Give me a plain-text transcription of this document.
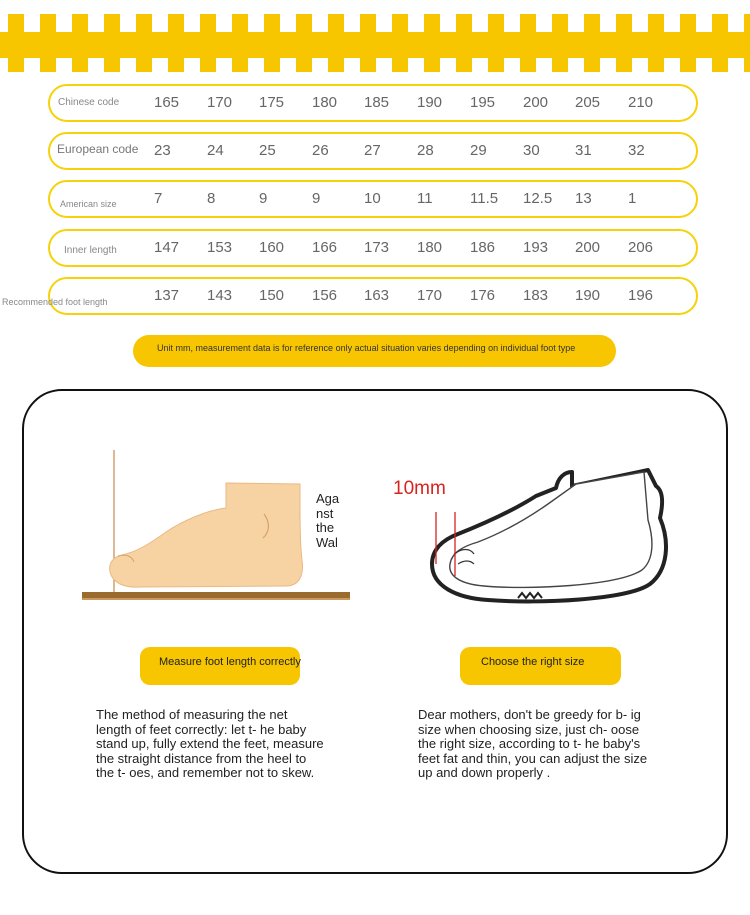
Chinese code 165 170 175 180 185 190 195 200 205 210
European code 23 24 25 26 27 28 29 30 31 32
American size 7	8	9	9	10 11 11.5 12.5 13 1
Inner length 147 153 160 166 173 180 186 193 200 206
Recommended foot length	137 143 150 156 163 170 176 183 190 196
Unit mm, measurement data is for reference only actual situation varies depending on individual foot type
Aga nst the Wal
10mm
Measure foot length correctly	Choose the right size

The method of measuring the net length of feet correctly: let t- he baby stand up, fully extend the feet, measure the straight distance from the heel to the t- oes, and remember not to skew.

Dear mothers, don't be greedy for b- ig size when choosing size, just ch- oose the right size, according to t- he baby's feet fat and thin, you can adjust the size up and down properly .
